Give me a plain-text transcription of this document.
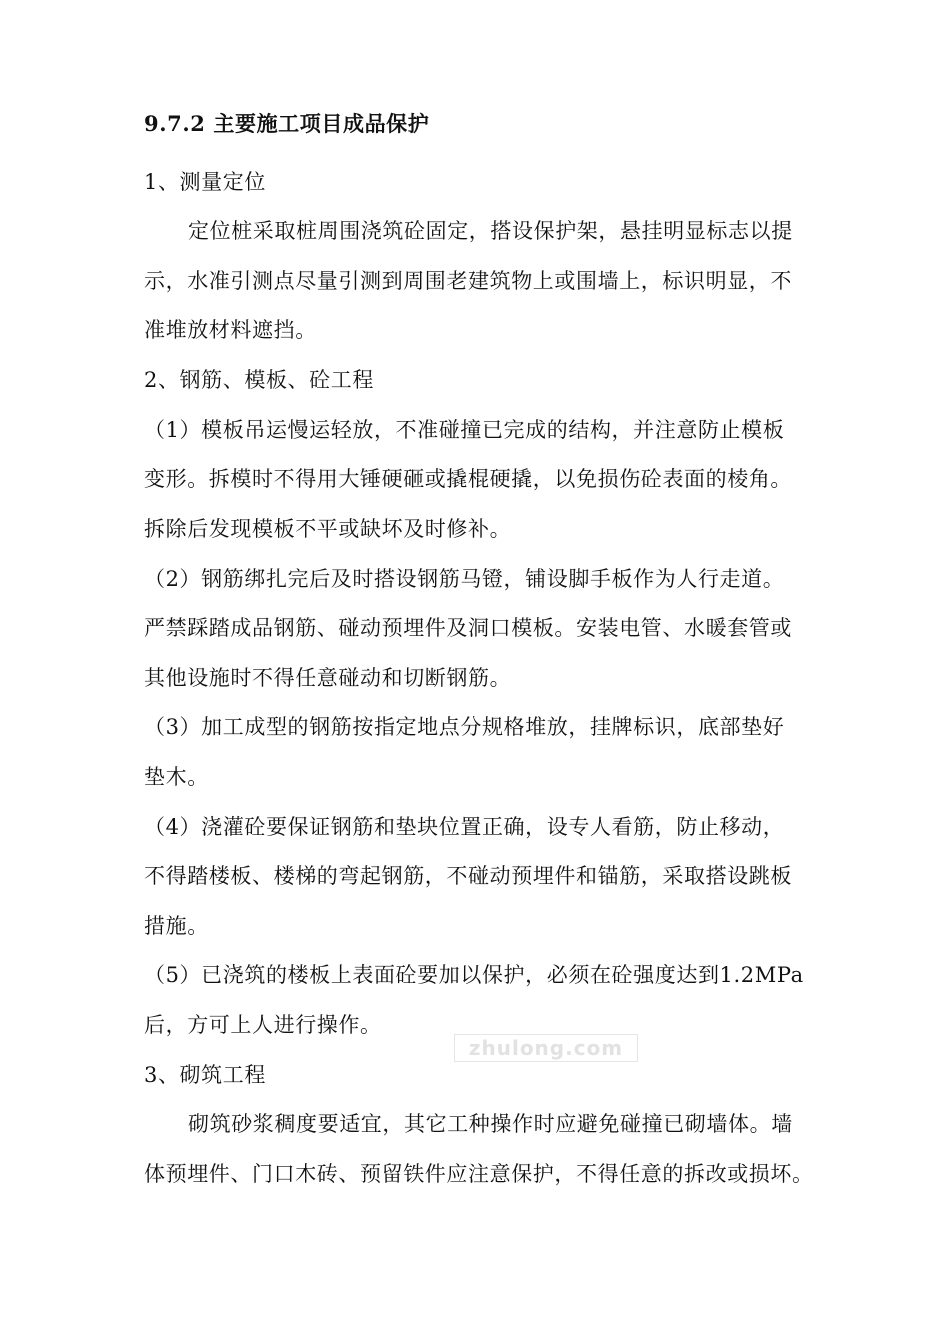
9.7.2 主要施工项目成品保护
1、测量定位
定位桩采取桩周围浇筑砼固定，搭设保护架，悬挂明显标志以提
示，水准引测点尽量引测到周围老建筑物上或围墙上，标识明显，不
准堆放材料遮挡。
2、钢筋、模板、砼工程
（1）模板吊运慢运轻放，不准碰撞已完成的结构，并注意防止模板
变形。拆模时不得用大锤硬砸或撬棍硬撬，以免损伤砼表面的棱角。
拆除后发现模板不平或缺坏及时修补。
（2）钢筋绑扎完后及时搭设钢筋马镫，铺设脚手板作为人行走道。
严禁踩踏成品钢筋、碰动预埋件及洞口模板。安装电管、水暖套管或
其他设施时不得任意碰动和切断钢筋。
（3）加工成型的钢筋按指定地点分规格堆放，挂牌标识，底部垫好
垫木。
（4）浇灌砼要保证钢筋和垫块位置正确，设专人看筋，防止移动，
不得踏楼板、楼梯的弯起钢筋，不碰动预埋件和锚筋，采取搭设跳板
措施。
（5）已浇筑的楼板上表面砼要加以保护，必须在砼强度达到1.2MPa
后，方可上人进行操作。
zhulong.com
3、砌筑工程
砌筑砂浆稠度要适宜，其它工种操作时应避免碰撞已砌墙体。墙
体预埋件、门口木砖、预留铁件应注意保护，不得任意的拆改或损坏。
